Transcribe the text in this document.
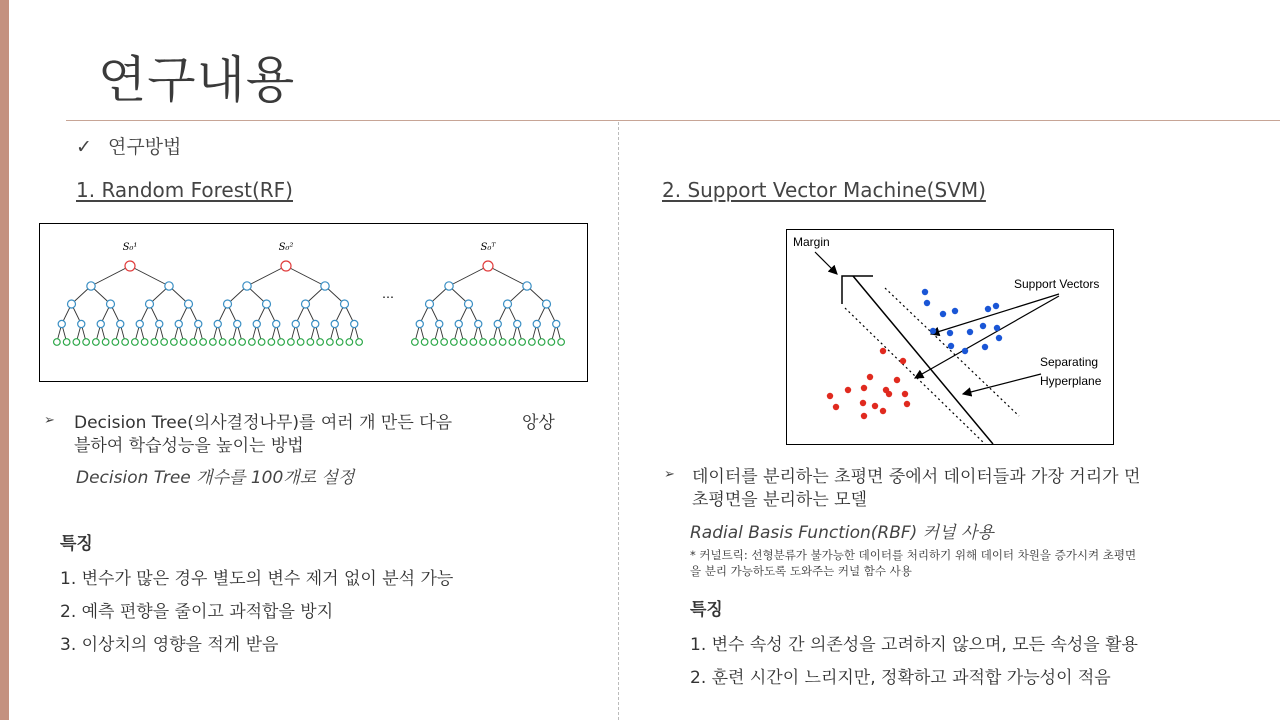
연구내용
✓ 연구방법
1. Random Forest(RF)
S₀¹	S₀²	S₀ᵀ
…
➢ Decision Tree(의사결정나무)를 여러 개 만든 다음	앙상
블하여 학습성능을 높이는 방법
Decision Tree 개수를 100개로 설정
특징
1. 변수가 많은 경우 별도의 변수 제거 없이 분석 가능
2. 예측 편향을 줄이고 과적합을 방지
3. 이상치의 영향을 적게 받음
2. Support Vector Machine(SVM)
Margin
Support Vectors
Separating
Hyperplane
➢ 데이터를 분리하는 초평면 중에서 데이터들과 가장 거리가 먼
초평면을 분리하는 모델
Radial Basis Function(RBF) 커널 사용
* 커널트릭: 선형분류가 불가능한 데이터를 처리하기 위해 데이터 차원을 증가시켜 초평면
을 분리 가능하도록 도와주는 커널 함수 사용
특징
1. 변수 속성 간 의존성을 고려하지 않으며, 모든 속성을 활용
2. 훈련 시간이 느리지만, 정확하고 과적합 가능성이 적음
